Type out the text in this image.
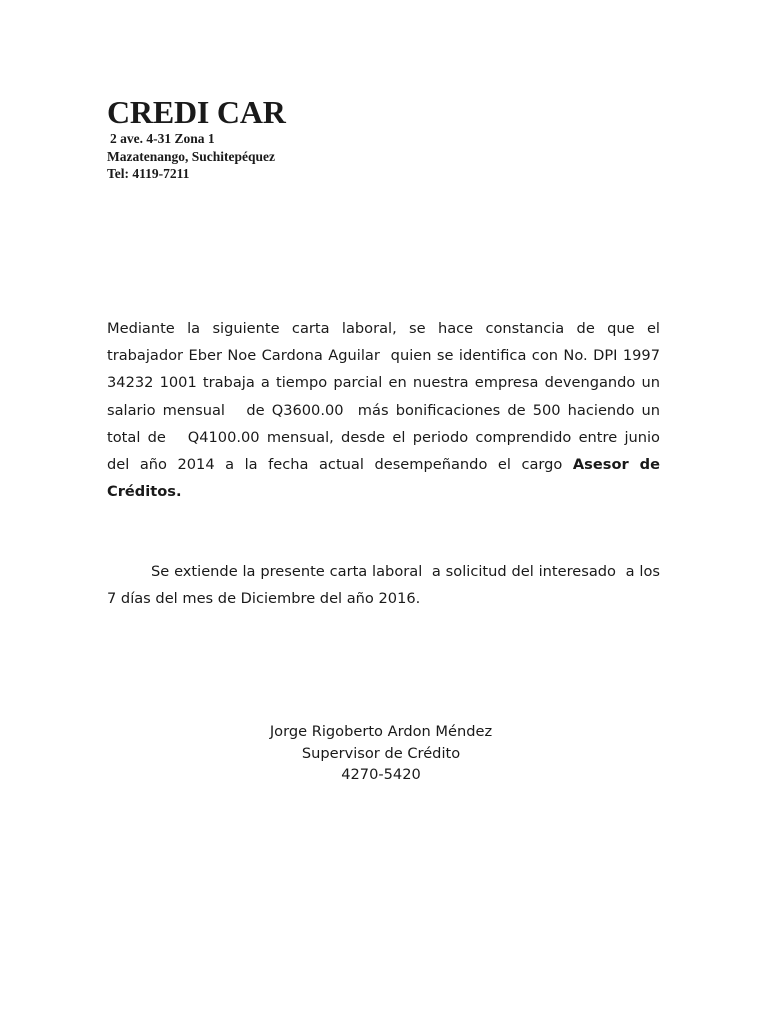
CREDI CAR
2 ave. 4-31 Zona 1
Mazatenango, Suchitepéquez
Tel: 4119-7211
Mediante la siguiente carta laboral, se hace constancia de que el trabajador Eber Noe Cardona Aguilar  quien se identifica con No. DPI 1997 34232 1001 trabaja a tiempo parcial en nuestra empresa devengando un salario mensual   de Q3600.00  más bonificaciones de 500 haciendo un total de   Q4100.00 mensual, desde el periodo comprendido entre junio  del año 2014 a la fecha actual desempeñando el cargo Asesor de Créditos.
Se extiende la presente carta laboral  a solicitud del interesado  a los 7 días del mes de Diciembre del año 2016.
Jorge Rigoberto Ardon Méndez
Supervisor de Crédito
4270-5420
